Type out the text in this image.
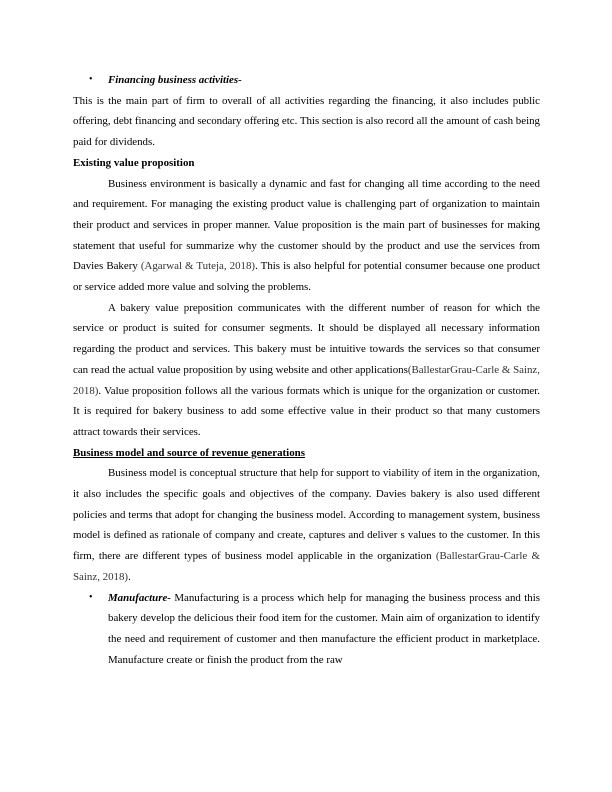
• Financing business activities-

This is the main part of firm to overall of all activities regarding the financing, it also includes public offering, debt financing and secondary offering etc. This section is also record all the amount of cash being paid for dividends.

Existing value proposition

Business environment is basically a dynamic and fast for changing all time according to the need and requirement. For managing the existing product value is challenging part of organization to maintain their product and services in proper manner. Value proposition is the main part of businesses for making statement that useful for summarize why the customer should by the product and use the services from Davies Bakery (Agarwal & Tuteja, 2018). This is also helpful for potential consumer because one product or service added more value and solving the problems.

A bakery value preposition communicates with the different number of reason for which the service or product is suited for consumer segments. It should be displayed all necessary information regarding the product and services. This bakery must be intuitive towards the services so that consumer can read the actual value proposition by using website and other applications(BallestarGrau-Carle & Sainz, 2018). Value proposition follows all the various formats which is unique for the organization or customer. It is required for bakery business to add some effective value in their product so that many customers attract towards their services.

Business model and source of revenue generations

Business model is conceptual structure that help for support to viability of item in the organization, it also includes the specific goals and objectives of the company. Davies bakery is also used different policies and terms that adopt for changing the business model. According to management system, business model is defined as rationale of company and create, captures and deliver s values to the customer. In this firm, there are different types of business model applicable in the organization (BallestarGrau-Carle & Sainz, 2018).

• Manufacture- Manufacturing is a process which help for managing the business process and this bakery develop the delicious their food item for the customer. Main aim of organization to identify the need and requirement of customer and then manufacture the efficient product in marketplace. Manufacture create or finish the product from the raw
